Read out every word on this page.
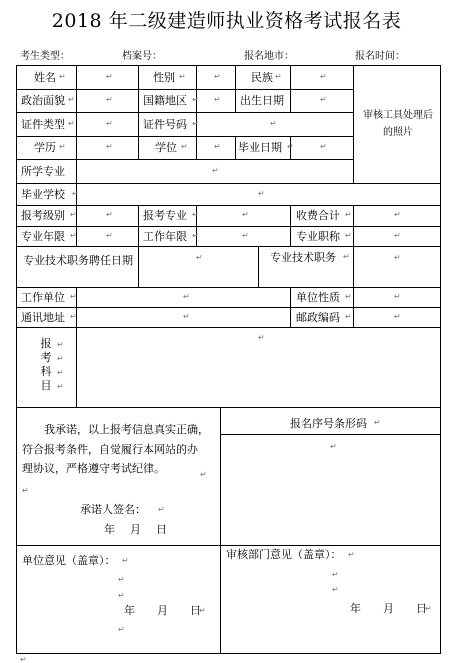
2018 年二级建造师执业资格考试报名表
考生类型：	档案号：	报名地市：	报名时间：
姓名 ↵	↵	性别 ↵	↵	民族 ↵	↵
政治面貌 ↵	↵	国籍地区 ↵ ↵ 出生日期	↵
证件类型 ↵	↵	证件号码 ↵	↵
审核工具处理后的照片
学历 ↵	↵	学位 ↵	↵ 毕业日期 ↵	↵
所学专业	↵
毕业学校 ↵	↵
报考级别 ↵	↵	报考专业 ↵	↵	收费合计 ↵	↵
专业年限 ↵	↵	工作年限 ↵	↵	专业职称 ↵	↵
专业技术职务聘任日期	↵	专业技术职务 ↵	↵
工作单位 ↵	↵	单位性质 ↵	↵
通讯地址 ↵	↵	邮政编码 ↵	↵
报
考
科
目
↵
↵
↵
↵
↵
我承诺，以上报考信息真实正确，
符合报考条件，自觉履行本网站的办
理协议，严格遵守考试纪律。	↵
↵
承诺人签名： ↵
年　月　日
报名序号条形码 ↵
↵
单位意见（盖章）： ↵
↵
↵
年　　月　　日
↵
↵
审核部门意见（盖章）： ↵
↵
↵
年　　月　　日
↵
↵
